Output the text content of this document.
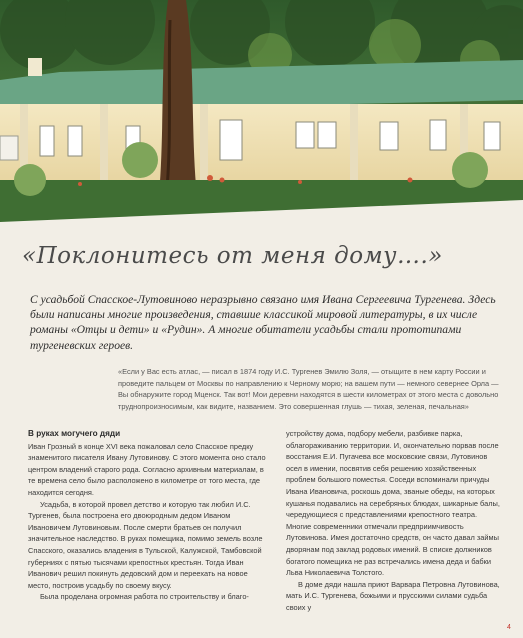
«Поклонитесь от меня дому….»
С усадьбой Спасское-Лутовиново неразрывно связано имя Ивана Сергеевича Тургенева. Здесь были написаны многие произведения, ставшие классикой мировой литературы, в их числе романы «Отцы и дети» и «Рудин». А многие обитатели усадьбы стали прототипами тургеневских героев.
«Если у Вас есть атлас, — писал в 1874 году И.С. Тургенев Эмилю Золя, — отыщите в нем карту России и проведите пальцем от Москвы по направлению к Черному морю; на вашем пути — немного севернее Орла — Вы обнаружите город Мценск. Так вот! Мои деревни находятся в шести километрах от этого места с довольно труднопроизносимым, как видите, названием. Это совершенная глушь — тихая, зеленая, печальная»
В руках могучего дяди

Иван Грозный в конце XVI века пожаловал село Спасское предку знаменитого писателя Ивану Лутовинову. С этого момента оно стало центром владений старого рода. Согласно архивным материалам, в те времена село было расположено в километре от того места, где находится сегодня.

Усадьба, в которой провел детство и которую так любил И.С. Тургенев, была построена его двоюродным дедом Иваном Ивановичем Лутовиновым. После смерти братьев он получил значительное наследство. В руках помещика, помимо земель возле Спасского, оказались владения в Тульской, Калужской, Тамбовской губерниях с пятью тысячами крепостных крестьян. Тогда Иван Иванович решил покинуть дедовский дом и переехать на новое место, построив усадьбу по своему вкусу.

Была проделана огромная работа по строительству и благо-

устройству дома, подбору мебели, разбивке парка, облагораживанию территории. И, окончательно порвав после восстания Е.И. Пугачева все московские связи, Лутовинов осел в имении, посвятив себя решению хозяйственных проблем большого поместья. Соседи вспоминали причуды Ивана Ивановича, роскошь дома, званые обеды, на которых кушанья подавались на серебряных блюдах, шикарные балы, чередующиеся с представлениями крепостного театра. Многие современники отмечали предприимчивость Лутовинова. Имея достаточно средств, он часто давал займы дворянам под заклад родовых имений. В списке должников богатого помещика не раз встречались имена деда и бабки Льва Николаевича Толстого.

В доме дяди нашла приют Варвара Петровна Лутовинова, мать И.С. Тургенева, божьими и прусскими силами судьба своих у

4
